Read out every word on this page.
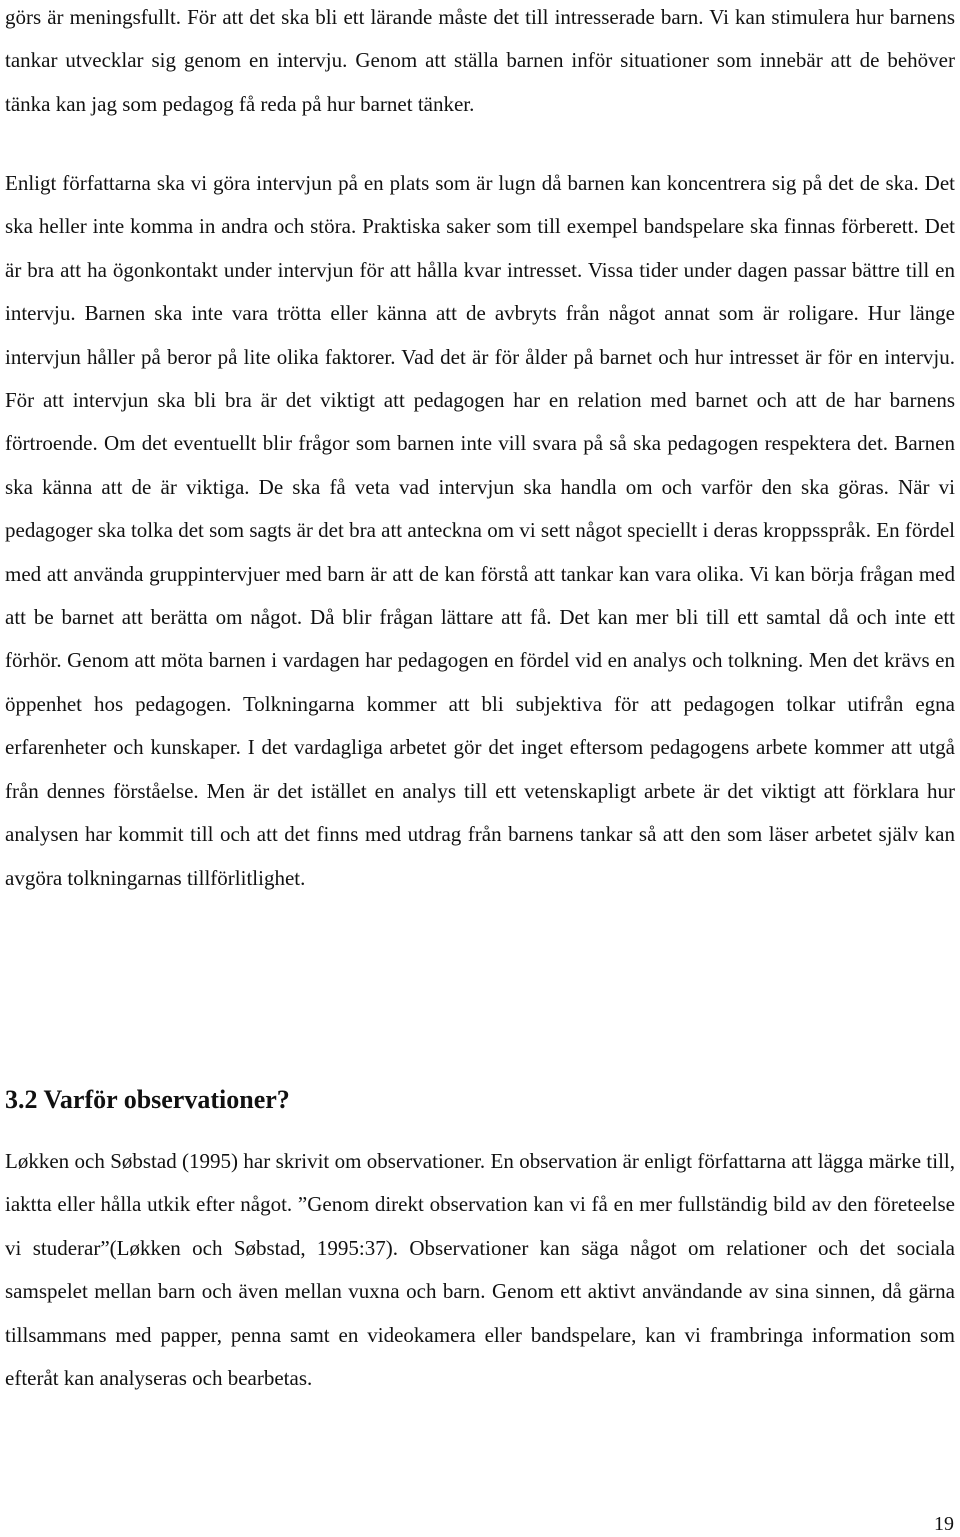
görs är meningsfullt. För att det ska bli ett lärande måste det till intresserade barn. Vi kan stimulera hur barnens tankar utvecklar sig genom en intervju. Genom att ställa barnen inför situationer som innebär att de behöver tänka kan jag som pedagog få reda på hur barnet tänker.

Enligt författarna ska vi göra intervjun på en plats som är lugn då barnen kan koncentrera sig på det de ska. Det ska heller inte komma in andra och störa. Praktiska saker som till exempel bandspelare ska finnas förberett. Det är bra att ha ögonkontakt under intervjun för att hålla kvar intresset. Vissa tider under dagen passar bättre till en intervju. Barnen ska inte vara trötta eller känna att de avbryts från något annat som är roligare. Hur länge intervjun håller på beror på lite olika faktorer. Vad det är för ålder på barnet och hur intresset är för en intervju. För att intervjun ska bli bra är det viktigt att pedagogen har en relation med barnet och att de har barnens förtroende. Om det eventuellt blir frågor som barnen inte vill svara på så ska pedagogen respektera det. Barnen ska känna att de är viktiga. De ska få veta vad intervjun ska handla om och varför den ska göras. När vi pedagoger ska tolka det som sagts är det bra att anteckna om vi sett något speciellt i deras kroppsspråk. En fördel med att använda gruppintervjuer med barn är att de kan förstå att tankar kan vara olika. Vi kan börja frågan med att be barnet att berätta om något. Då blir frågan lättare att få. Det kan mer bli till ett samtal då och inte ett förhör. Genom att möta barnen i vardagen har pedagogen en fördel vid en analys och tolkning. Men det krävs en öppenhet hos pedagogen. Tolkningarna kommer att bli subjektiva för att pedagogen tolkar utifrån egna erfarenheter och kunskaper. I det vardagliga arbetet gör det inget eftersom pedagogens arbete kommer att utgå från dennes förståelse. Men är det istället en analys till ett vetenskapligt arbete är det viktigt att förklara hur analysen har kommit till och att det finns med utdrag från barnens tankar så att den som läser arbetet själv kan avgöra tolkningarnas tillförlitlighet.

3.2 Varför observationer?

Løkken och Søbstad (1995) har skrivit om observationer. En observation är enligt författarna att lägga märke till, iaktta eller hålla utkik efter något. ”Genom direkt observation kan vi få en mer fullständig bild av den företeelse vi studerar”(Løkken och Søbstad, 1995:37). Observationer kan säga något om relationer och det sociala samspelet mellan barn och även mellan vuxna och barn. Genom ett aktivt användande av sina sinnen, då gärna tillsammans med papper, penna samt en videokamera eller bandspelare, kan vi frambringa information som efteråt kan analyseras och bearbetas.

19
